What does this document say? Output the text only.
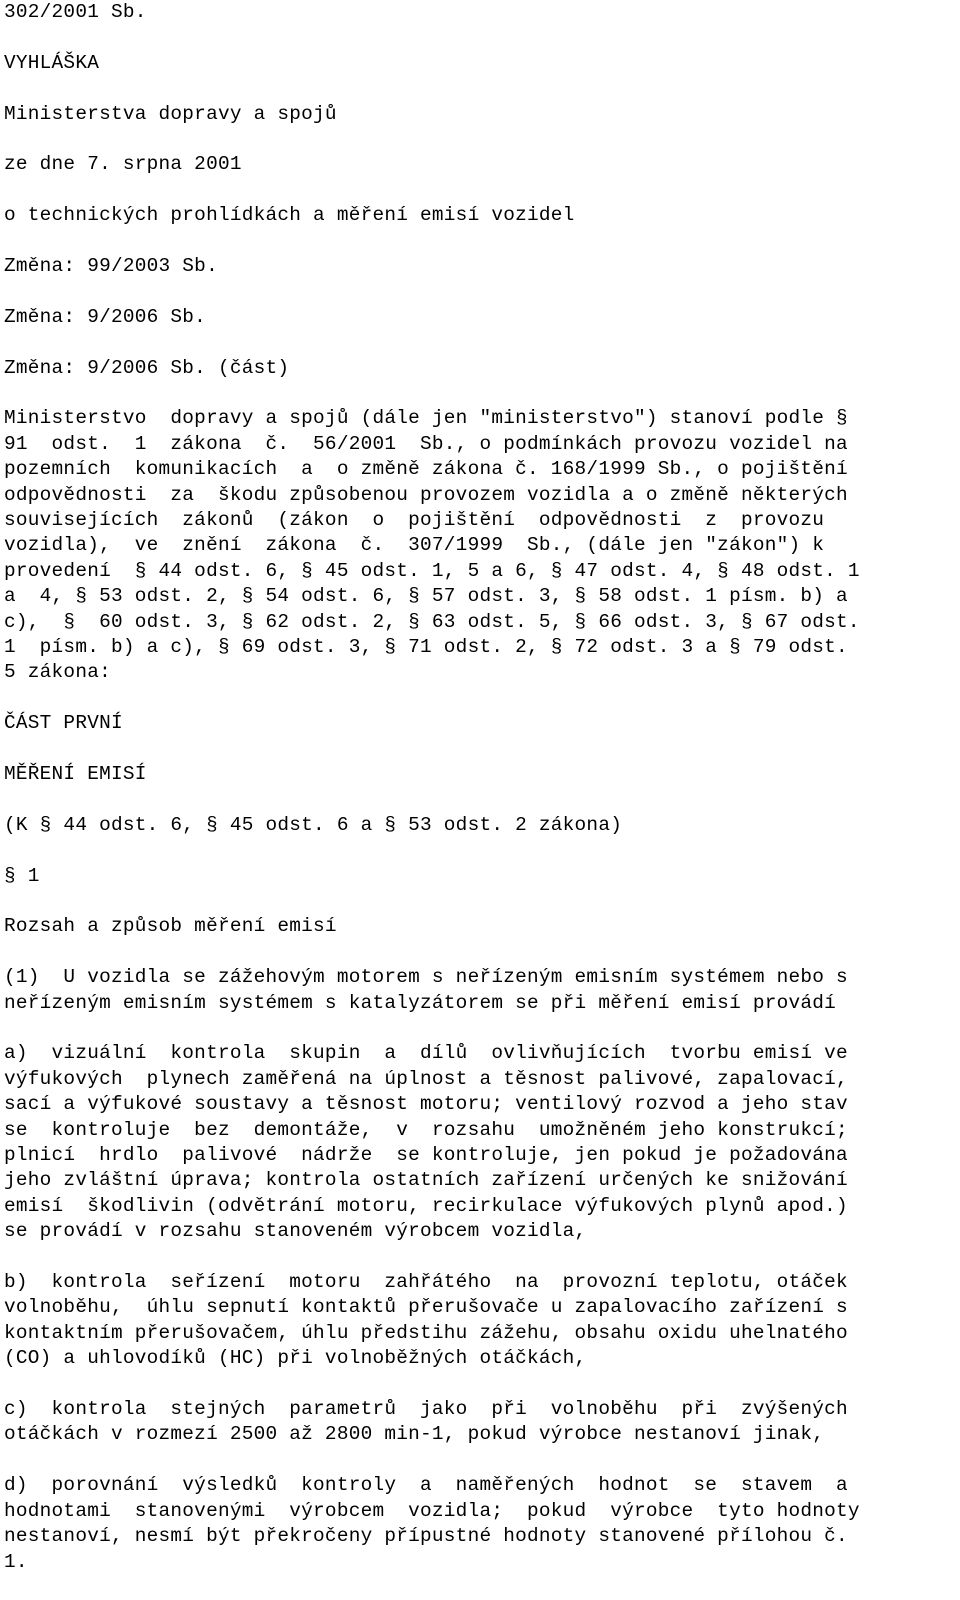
302/2001 Sb.
VYHLÁŠKA
Ministerstva dopravy a spojů
ze dne 7. srpna 2001
o technických prohlídkách a měření emisí vozidel
Změna: 99/2003 Sb.
Změna: 9/2006 Sb.
Změna: 9/2006 Sb. (část)
Ministerstvo  dopravy a spojů (dále jen "ministerstvo") stanoví podle §
91  odst.  1  zákona  č.  56/2001  Sb., o podmínkách provozu vozidel na
pozemních  komunikacích  a  o změně zákona č. 168/1999 Sb., o pojištění
odpovědnosti  za  škodu způsobenou provozem vozidla a o změně některých
souvisejících  zákonů  (zákon  o  pojištění  odpovědnosti  z  provozu
vozidla),  ve  znění  zákona  č.  307/1999  Sb., (dále jen "zákon") k
provedení  § 44 odst. 6, § 45 odst. 1, 5 a 6, § 47 odst. 4, § 48 odst. 1
a  4, § 53 odst. 2, § 54 odst. 6, § 57 odst. 3, § 58 odst. 1 písm. b) a
c),  §  60 odst. 3, § 62 odst. 2, § 63 odst. 5, § 66 odst. 3, § 67 odst.
1  písm. b) a c), § 69 odst. 3, § 71 odst. 2, § 72 odst. 3 a § 79 odst.
5 zákona:
ČÁST PRVNÍ
MĚŘENÍ EMISÍ
(K § 44 odst. 6, § 45 odst. 6 a § 53 odst. 2 zákona)
§ 1
Rozsah a způsob měření emisí
(1)  U vozidla se zážehovým motorem s neřízeným emisním systémem nebo s
neřízeným emisním systémem s katalyzátorem se při měření emisí provádí
a)  vizuální  kontrola  skupin  a  dílů  ovlivňujících  tvorbu emisí ve
výfukových  plynech zaměřená na úplnost a těsnost palivové, zapalovací,
sací a výfukové soustavy a těsnost motoru; ventilový rozvod a jeho stav
se  kontroluje  bez  demontáže,  v  rozsahu  umožněném jeho konstrukcí;
plnicí  hrdlo  palivové  nádrže  se kontroluje, jen pokud je požadována
jeho zvláštní úprava; kontrola ostatních zařízení určených ke snižování
emisí  škodlivin (odvětrání motoru, recirkulace výfukových plynů apod.)
se provádí v rozsahu stanoveném výrobcem vozidla,
b)  kontrola  seřízení  motoru  zahřátého  na  provozní teplotu, otáček
volnoběhu,  úhlu sepnutí kontaktů přerušovače u zapalovacího zařízení s
kontaktním přerušovačem, úhlu předstihu zážehu, obsahu oxidu uhelnatého
(CO) a uhlovodíků (HC) při volnoběžných otáčkách,
c)  kontrola  stejných  parametrů  jako  při  volnoběhu  při  zvýšených
otáčkách v rozmezí 2500 až 2800 min-1, pokud výrobce nestanoví jinak,
d)  porovnání  výsledků  kontroly  a  naměřených  hodnot  se  stavem  a
hodnotami  stanovenými  výrobcem  vozidla;  pokud  výrobce  tyto hodnoty
nestanoví, nesmí být překročeny přípustné hodnoty stanovené přílohou č.
1.
